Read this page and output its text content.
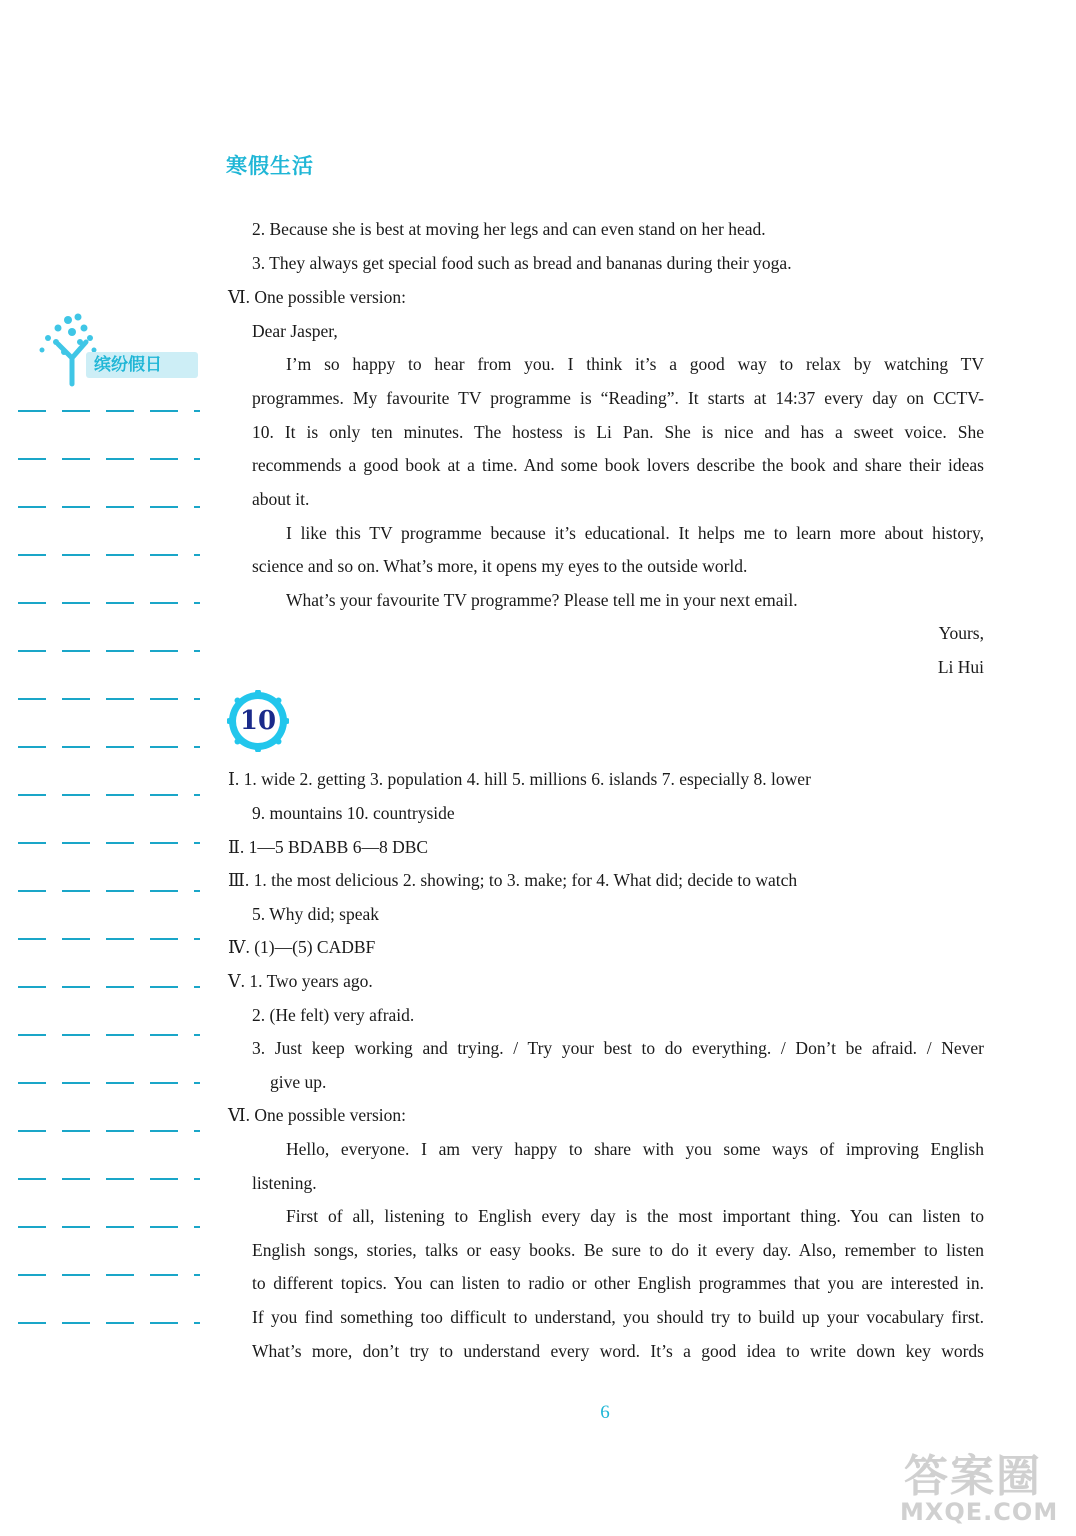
寒假生活
缤纷假日
2. Because she is best at moving her legs and can even stand on her head.
3. They always get special food such as bread and bananas during their yoga.
Ⅵ. One possible version:
Dear Jasper,
I’m so happy to hear from you. I think it’s a good way to relax by watching TV
programmes. My favourite TV programme is “Reading”. It starts at 14:37 every day on CCTV-
10. It is only ten minutes. The hostess is Li Pan. She is nice and has a sweet voice. She
recommends a good book at a time. And some book lovers describe the book and share their ideas
about it.
I like this TV programme because it’s educational. It helps me to learn more about history,
science and so on. What’s more, it opens my eyes to the outside world.
What’s your favourite TV programme? Please tell me in your next email.
Yours,
Li Hui
10
Ⅰ. 1. wide 2. getting 3. population 4. hill 5. millions 6. islands 7. especially 8. lower
9. mountains 10. countryside
Ⅱ. 1—5 BDABB 6—8 DBC
Ⅲ. 1. the most delicious 2. showing; to 3. make; for 4. What did; decide to watch
5. Why did; speak
Ⅳ. (1)—(5) CADBF
Ⅴ. 1. Two years ago.
2. (He felt) very afraid.
3. Just keep working and trying. / Try your best to do everything. / Don’t be afraid. / Never
give up.
Ⅵ. One possible version:
Hello, everyone. I am very happy to share with you some ways of improving English
listening.
First of all, listening to English every day is the most important thing. You can listen to
English songs, stories, talks or easy books. Be sure to do it every day. Also, remember to listen
to different topics. You can listen to radio or other English programmes that you are interested in.
If you find something too difficult to understand, you should try to build up your vocabulary first.
What’s more, don’t try to understand every word. It’s a good idea to write down key words
6
答案圈
MXQE.COM
